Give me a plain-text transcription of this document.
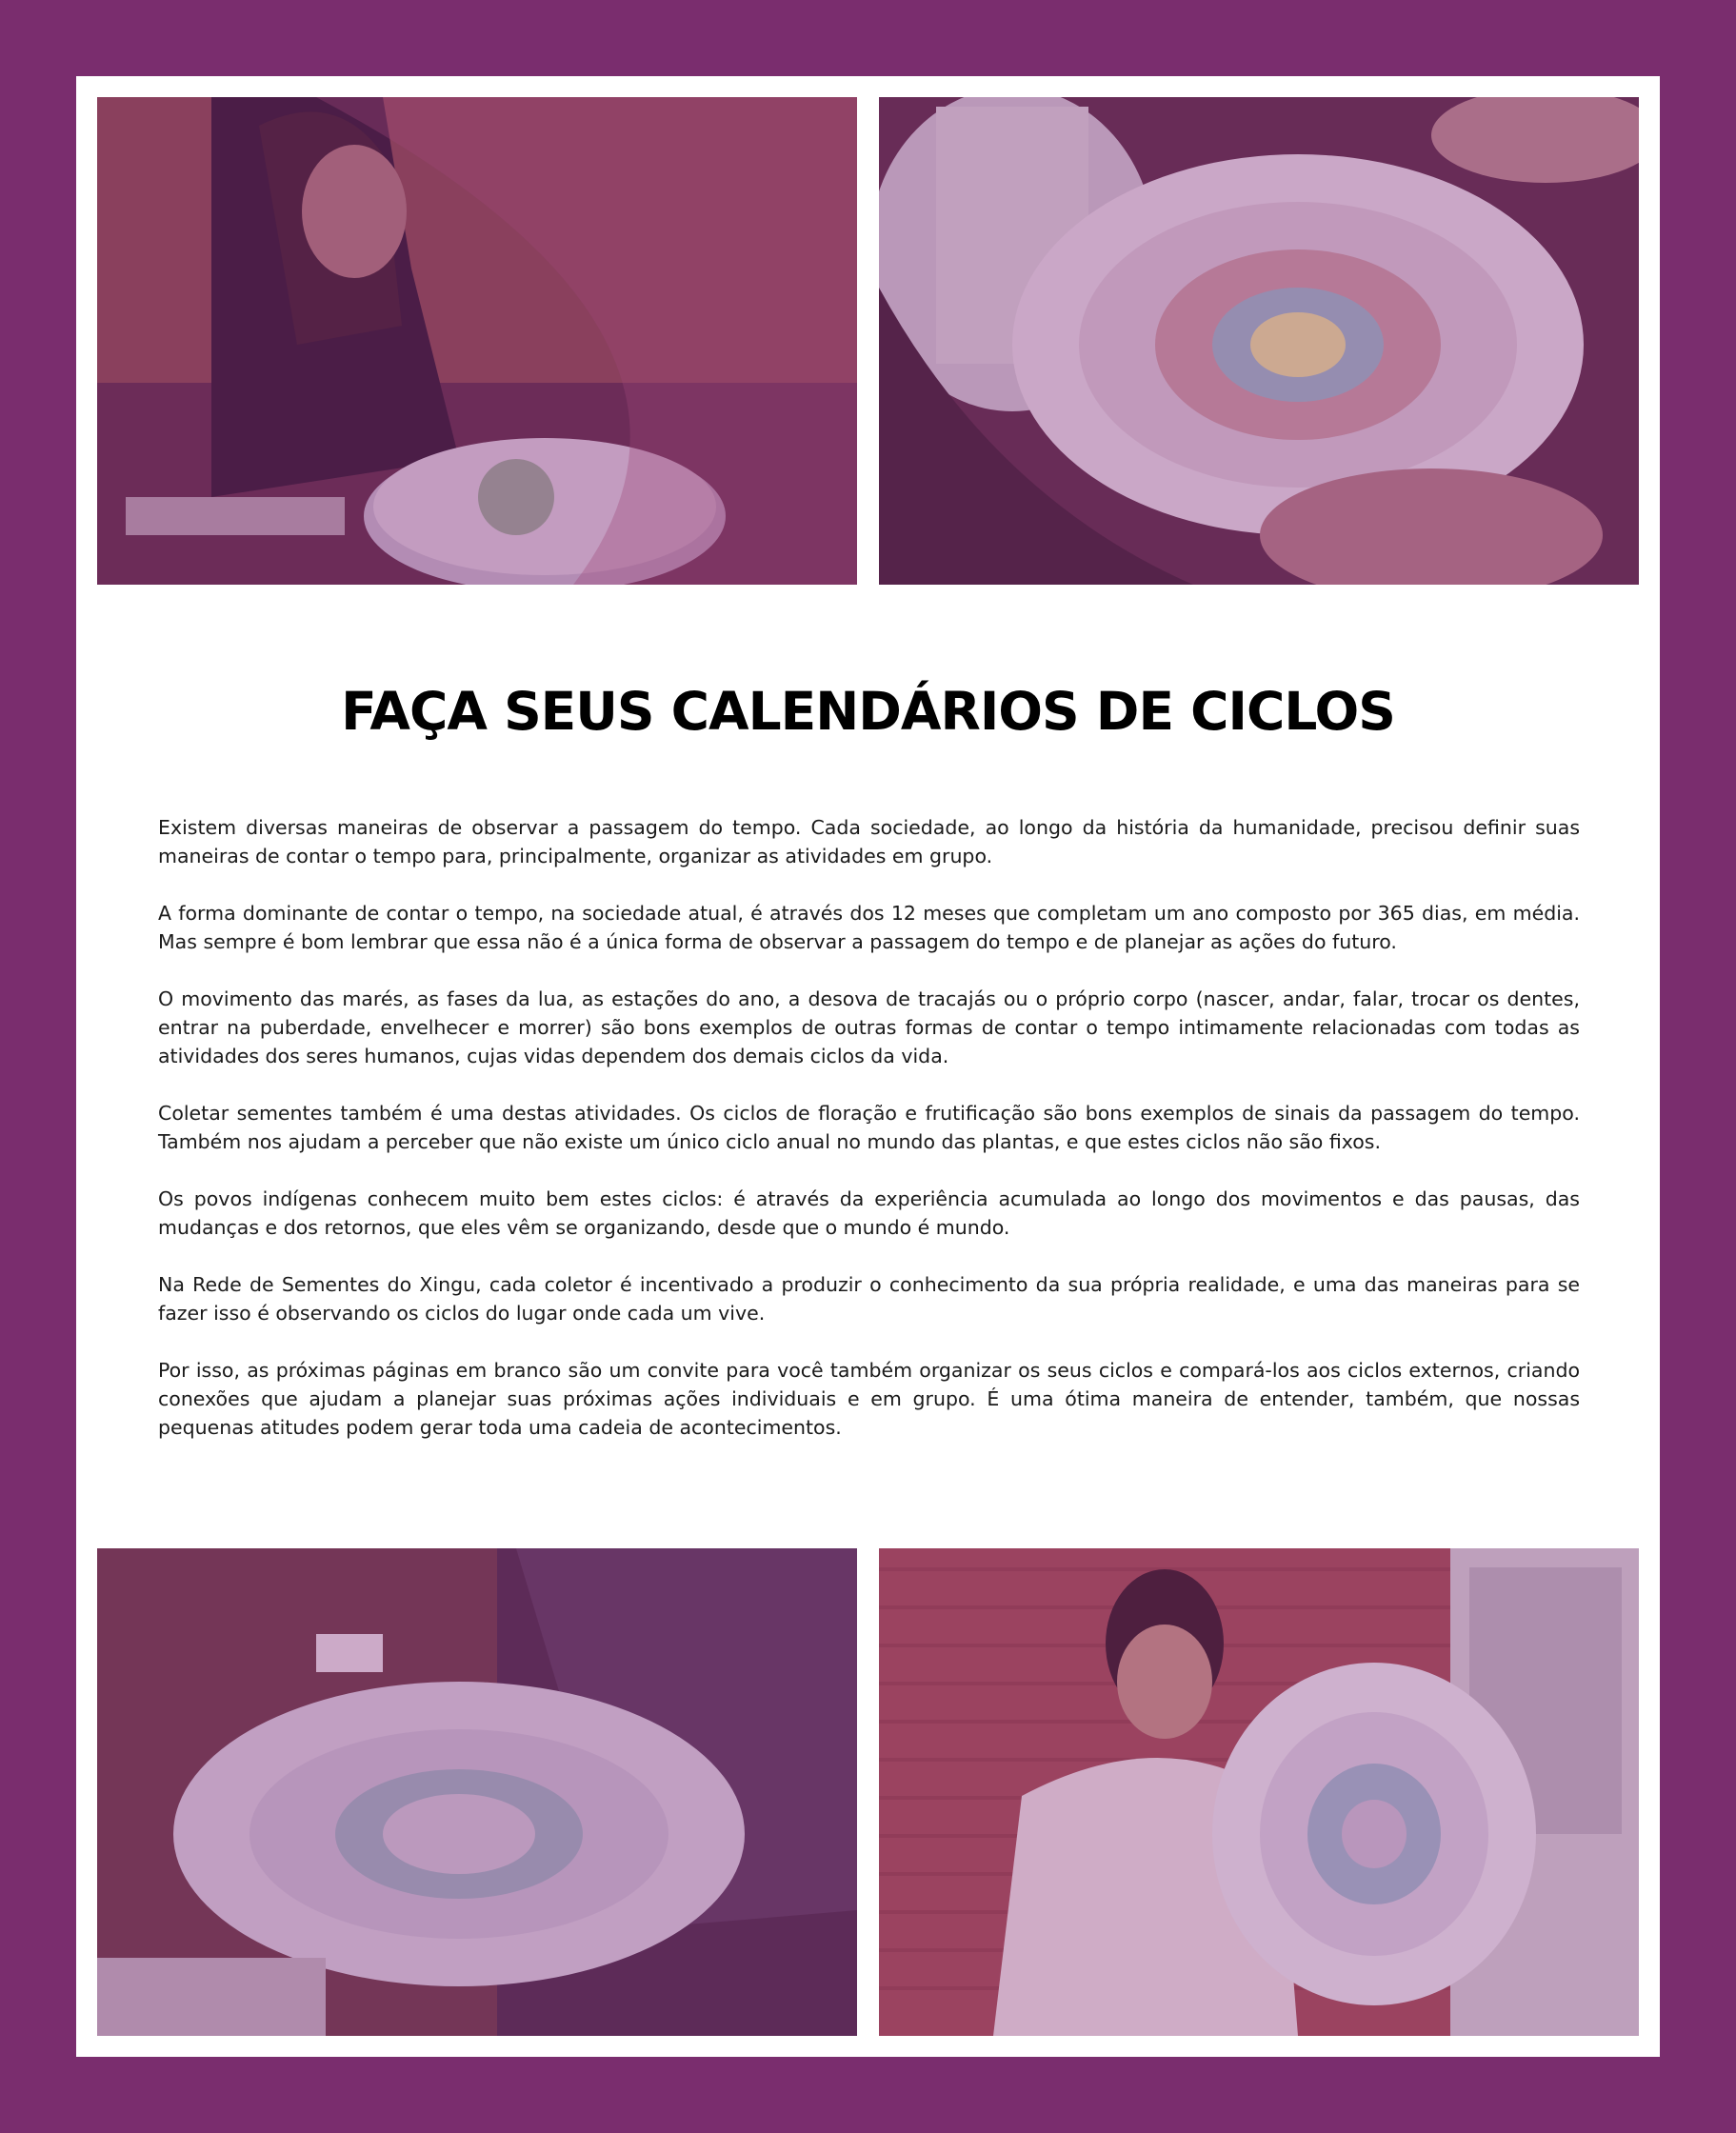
FAÇA SEUS CALENDÁRIOS DE CICLOS

Existem diversas maneiras de observar a passagem do tempo. Cada sociedade, ao longo da história da humanidade, precisou definir suas maneiras de contar o tempo para, principalmente, organizar as atividades em grupo.

A forma dominante de contar o tempo, na sociedade atual, é através dos 12 meses que completam um ano composto por 365 dias, em média. Mas sempre é bom lembrar que essa não é a única forma de observar a passagem do tempo e de planejar as ações do futuro.

O movimento das marés, as fases da lua, as estações do ano, a desova de tracajás ou o próprio corpo (nascer, andar, falar, trocar os dentes, entrar na puberdade, envelhecer e morrer) são bons exemplos de outras formas de contar o tempo intimamente relacionadas com todas as atividades dos seres humanos, cujas vidas dependem dos demais ciclos da vida.

Coletar sementes também é uma destas atividades. Os ciclos de floração e frutificação são bons exemplos de sinais da passagem do tempo. Também nos ajudam a perceber que não existe um único ciclo anual no mundo das plantas, e que estes ciclos não são fixos.

Os povos indígenas conhecem muito bem estes ciclos: é através da experiência acumulada ao longo dos movimentos e das pausas, das mudanças e dos retornos, que eles vêm se organizando, desde que o mundo é mundo.

Na Rede de Sementes do Xingu, cada coletor é incentivado a produzir o conhecimento da sua própria realidade, e uma das maneiras para se fazer isso é observando os ciclos do lugar onde cada um vive.

Por isso, as próximas páginas em branco são um convite para você também organizar os seus ciclos e compará-los aos ciclos externos, criando conexões que ajudam a planejar suas próximas ações individuais e em grupo. É uma ótima maneira de entender, também, que nossas pequenas atitudes podem gerar toda uma cadeia de acontecimentos.
